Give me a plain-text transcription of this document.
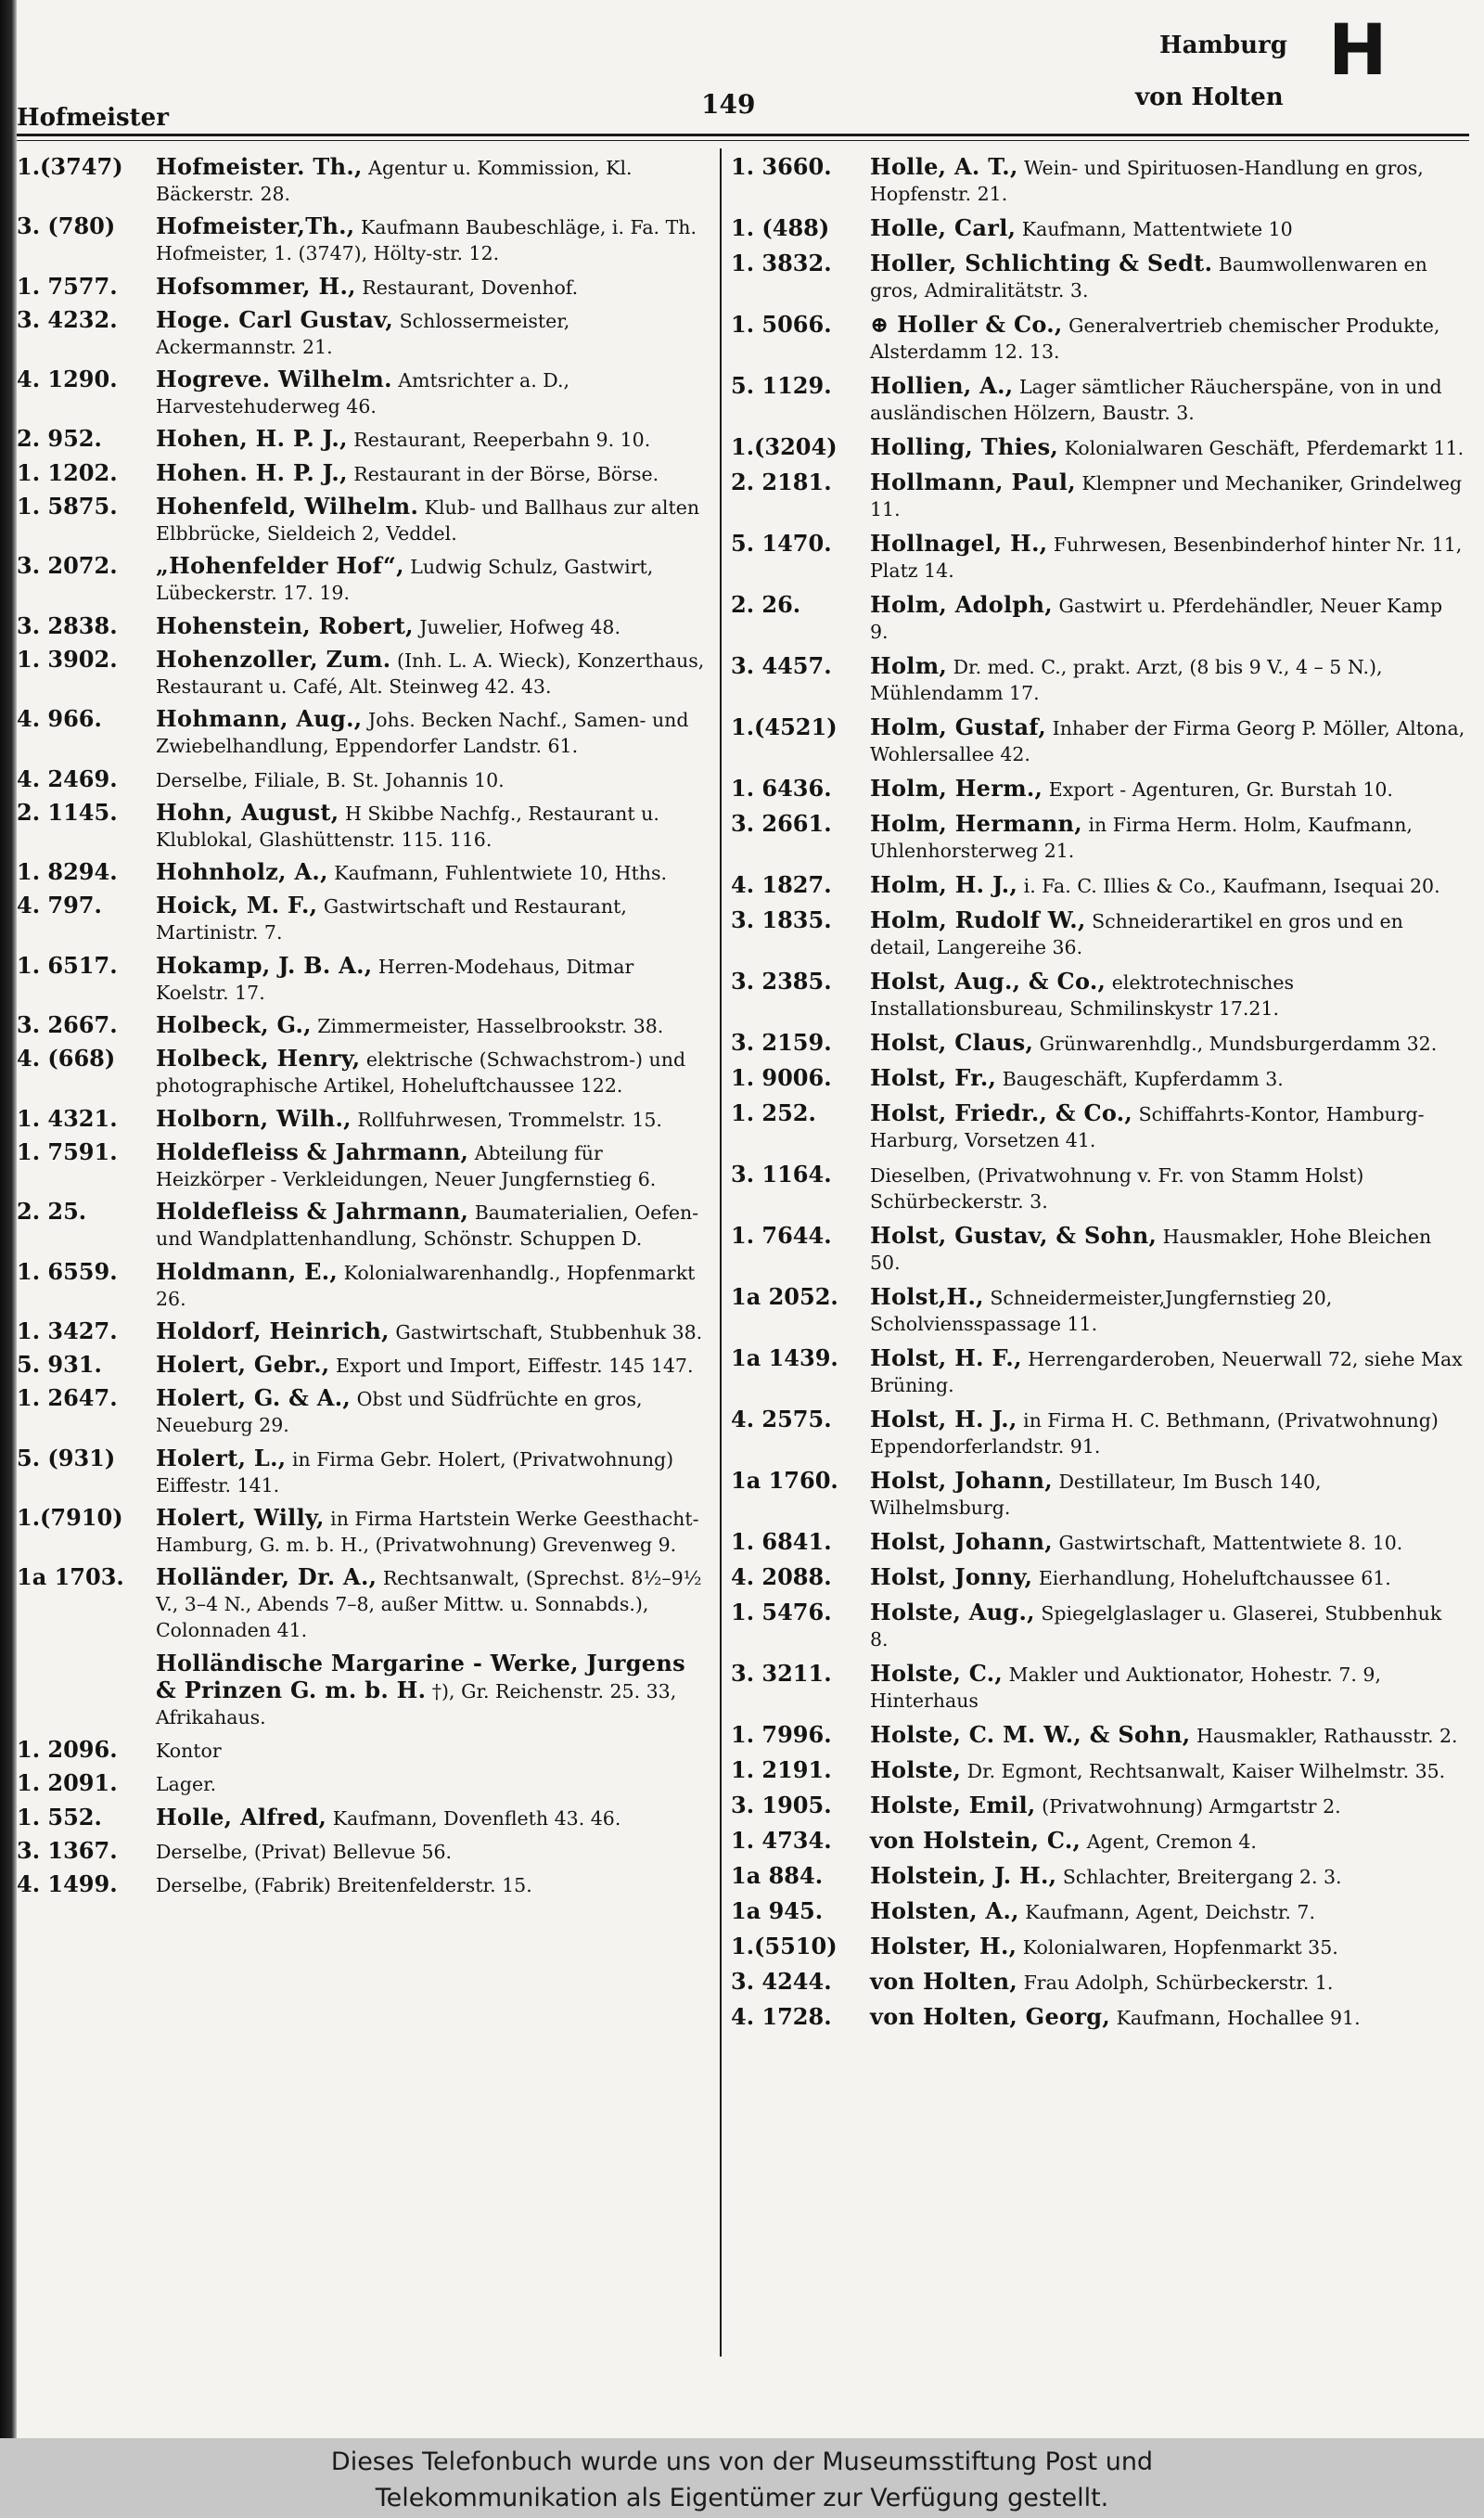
Hofmeister	149
Hamburg
von Holten
H
1.(3747) Hofmeister. Th., Agentur u. Kommission, Kl. Bäckerstr. 28.
3. (780) Hofmeister,Th., Kaufmann Baubeschläge, i. Fa. Th. Hofmeister, 1. (3747), Hölty-str. 12.
1. 7577. Hofsommer, H., Restaurant, Dovenhof.
3. 4232. Hoge. Carl Gustav, Schlossermeister, Ackermannstr. 21.
4. 1290. Hogreve. Wilhelm. Amtsrichter a. D., Harvestehuderweg 46.
2. 952. Hohen, H. P. J., Restaurant, Reeperbahn 9. 10.
1. 1202. Hohen. H. P. J., Restaurant in der Börse, Börse.
1. 5875. Hohenfeld, Wilhelm. Klub- und Ballhaus zur alten Elbbrücke, Sieldeich 2, Veddel.
3. 2072. „Hohenfelder Hof“, Ludwig Schulz, Gastwirt, Lübeckerstr. 17. 19.
3. 2838. Hohenstein, Robert, Juwelier, Hofweg 48.
1. 3902. Hohenzoller, Zum. (Inh. L. A. Wieck), Konzerthaus, Restaurant u. Café, Alt. Steinweg 42. 43.
4. 966. Hohmann, Aug., Johs. Becken Nachf., Samen- und Zwiebelhandlung, Eppendorfer Landstr. 61.
4. 2469. Derselbe, Filiale, B. St. Johannis 10.
2. 1145. Hohn, August, H Skibbe Nachfg., Restaurant u. Klublokal, Glashüttenstr. 115. 116.
1. 8294. Hohnholz, A., Kaufmann, Fuhlentwiete 10, Hths.
4. 797. Hoick, M. F., Gastwirtschaft und Restaurant, Martinistr. 7.
1. 6517. Hokamp, J. B. A., Herren-Modehaus, Ditmar Koelstr. 17.
3. 2667. Holbeck, G., Zimmermeister, Hasselbrookstr. 38.
4. (668) Holbeck, Henry, elektrische (Schwachstrom-) und photographische Artikel, Hoheluftchaussee 122.
1. 4321. Holborn, Wilh., Rollfuhrwesen, Trommelstr. 15.
1. 7591. Holdefleiss & Jahrmann, Abteilung für Heizkörper - Verkleidungen, Neuer Jungfernstieg 6.
2. 25.	Holdefleiss & Jahrmann, Baumaterialien, Oefen- und Wandplattenhandlung, Schönstr. Schuppen D.
1. 6559. Holdmann, E., Kolonialwarenhandlg., Hopfenmarkt 26.
1. 3427. Holdorf, Heinrich, Gastwirtschaft, Stubbenhuk 38.
5. 931. Holert, Gebr., Export und Import, Eiffestr. 145 147.
1. 2647. Holert, G. & A., Obst und Südfrüchte en gros, Neueburg 29.
5. (931) Holert, L., in Firma Gebr. Holert, (Privatwohnung) Eiffestr. 141.
1.(7910) Holert, Willy, in Firma Hartstein Werke Geesthacht-Hamburg, G. m. b. H., (Privatwohnung) Grevenweg 9.
1a 1703. Holländer, Dr. A., Rechtsanwalt, (Sprechst. 8½–9½ V., 3–4 N., Abends 7–8, außer Mittw. u. Sonnabds.), Colonnaden 41.
Holländische Margarine - Werke, Jurgens & Prinzen G. m. b. H. †), Gr. Reichenstr. 25. 33, Afrikahaus.
1. 2096. Kontor
1. 2091. Lager.
1. 552. Holle, Alfred, Kaufmann, Dovenfleth 43. 46.
3. 1367. Derselbe, (Privat) Bellevue 56.
4. 1499. Derselbe, (Fabrik) Breitenfelderstr. 15.
1. 3660. Holle, A. T., Wein- und Spirituosen-Handlung en gros, Hopfenstr. 21.
1. (488) Holle, Carl, Kaufmann, Mattentwiete 10
1. 3832. Holler, Schlichting & Sedt. Baumwollenwaren en gros, Admiralitätstr. 3.
1. 5066. ⊕ Holler & Co., Generalvertrieb chemischer Produkte, Alsterdamm 12. 13.
5. 1129. Hollien, A., Lager sämtlicher Räucherspäne, von in und ausländischen Hölzern, Baustr. 3.
1.(3204) Holling, Thies, Kolonialwaren Geschäft, Pferdemarkt 11.
2. 2181. Hollmann, Paul, Klempner und Mechaniker, Grindelweg 11.
5. 1470. Hollnagel, H., Fuhrwesen, Besenbinderhof hinter Nr. 11, Platz 14.
2. 26.	Holm, Adolph, Gastwirt u. Pferdehändler, Neuer Kamp 9.
3. 4457. Holm, Dr. med. C., prakt. Arzt, (8 bis 9 V., 4 – 5 N.), Mühlendamm 17.
1.(4521) Holm, Gustaf, Inhaber der Firma Georg P. Möller, Altona, Wohlersallee 42.
1. 6436. Holm, Herm., Export - Agenturen, Gr. Burstah 10.
3. 2661. Holm, Hermann, in Firma Herm. Holm, Kaufmann, Uhlenhorsterweg 21.
4. 1827. Holm, H. J., i. Fa. C. Illies & Co., Kaufmann, Isequai 20.
3. 1835. Holm, Rudolf W., Schneiderartikel en gros und en detail, Langereihe 36.
3. 2385. Holst, Aug., & Co., elektrotechnisches Installationsbureau, Schmilinskystr 17.21.
3. 2159. Holst, Claus, Grünwarenhdlg., Mundsburgerdamm 32.
1. 9006. Holst, Fr., Baugeschäft, Kupferdamm 3.
1. 252. Holst, Friedr., & Co., Schiffahrts-Kontor, Hamburg-Harburg, Vorsetzen 41.
3. 1164. Dieselben, (Privatwohnung v. Fr. von Stamm Holst) Schürbeckerstr. 3.
1. 7644. Holst, Gustav, & Sohn, Hausmakler, Hohe Bleichen 50.
1a 2052. Holst,H., Schneidermeister,Jungfernstieg 20, Scholviensspassage 11.
1a 1439. Holst, H. F., Herrengarderoben, Neuerwall 72, siehe Max Brüning.
4. 2575. Holst, H. J., in Firma H. C. Bethmann, (Privatwohnung) Eppendorferlandstr. 91.
1a 1760. Holst, Johann, Destillateur, Im Busch 140, Wilhelmsburg.
1. 6841. Holst, Johann, Gastwirtschaft, Mattentwiete 8. 10.
4. 2088. Holst, Jonny, Eierhandlung, Hoheluftchaussee 61.
1. 5476. Holste, Aug., Spiegelglaslager u. Glaserei, Stubbenhuk 8.
3. 3211. Holste, C., Makler und Auktionator, Hohestr. 7. 9, Hinterhaus
1. 7996. Holste, C. M. W., & Sohn, Hausmakler, Rathausstr. 2.
1. 2191. Holste, Dr. Egmont, Rechtsanwalt, Kaiser Wilhelmstr. 35.
3. 1905. Holste, Emil, (Privatwohnung) Armgartstr 2.
1. 4734. von Holstein, C., Agent, Cremon 4.
1a 884. Holstein, J. H., Schlachter, Breitergang 2. 3.
1a 945. Holsten, A., Kaufmann, Agent, Deichstr. 7.
1.(5510) Holster, H., Kolonialwaren, Hopfenmarkt 35.
3. 4244. von Holten, Frau Adolph, Schürbeckerstr. 1.
4. 1728. von Holten, Georg, Kaufmann, Hochallee 91.
Dieses Telefonbuch wurde uns von der Museumsstiftung Post und
Telekommunikation als Eigentümer zur Verfügung gestellt.
